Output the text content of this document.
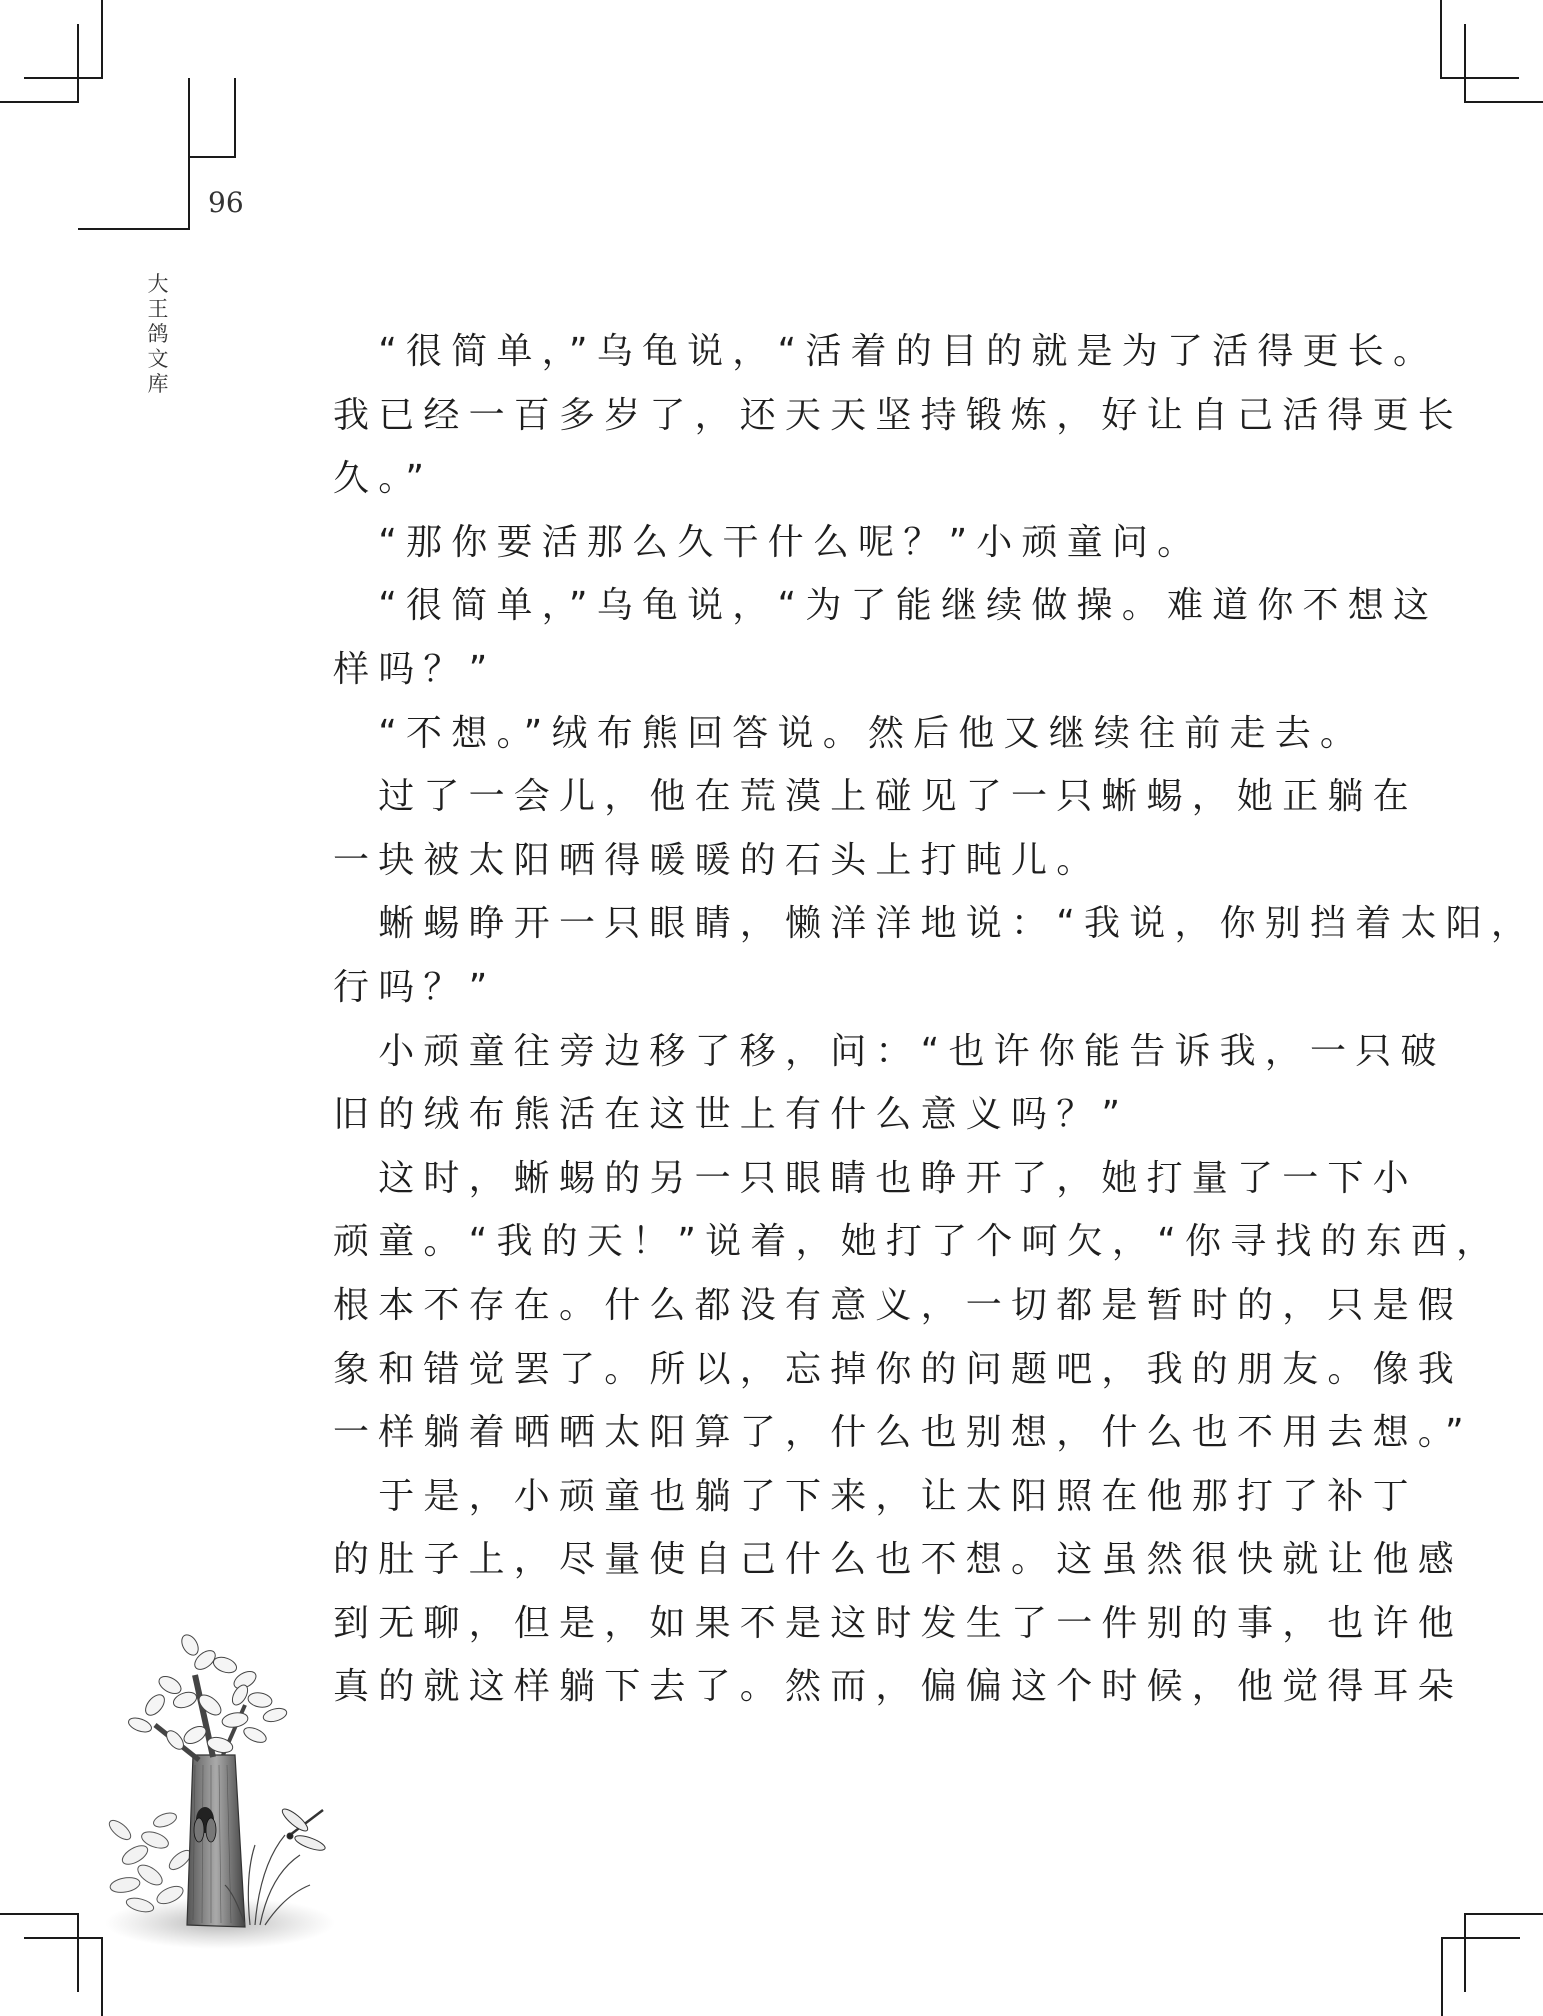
96
大
王
鸽
文
库
　“很简单，”乌龟说，“活着的目的就是为了活得更长。
我已经一百多岁了，还天天坚持锻炼，好让自己活得更长
久。”
　“那你要活那么久干什么呢？”小顽童问。
　“很简单，”乌龟说，“为了能继续做操。难道你不想这
样吗？”
　“不想。”绒布熊回答说。然后他又继续往前走去。
　过了一会儿，他在荒漠上碰见了一只蜥蜴，她正躺在
一块被太阳晒得暖暖的石头上打盹儿。
　蜥蜴睁开一只眼睛，懒洋洋地说：“我说，你别挡着太阳，
行吗？”
　小顽童往旁边移了移，问：“也许你能告诉我，一只破
旧的绒布熊活在这世上有什么意义吗？”
　这时，蜥蜴的另一只眼睛也睁开了，她打量了一下小
顽童。“我的天！”说着，她打了个呵欠，“你寻找的东西，
根本不存在。什么都没有意义，一切都是暂时的，只是假
象和错觉罢了。所以，忘掉你的问题吧，我的朋友。像我
一样躺着晒晒太阳算了，什么也别想，什么也不用去想。”
　于是，小顽童也躺了下来，让太阳照在他那打了补丁
的肚子上，尽量使自己什么也不想。这虽然很快就让他感
到无聊，但是，如果不是这时发生了一件别的事，也许他
真的就这样躺下去了。然而，偏偏这个时候，他觉得耳朵
